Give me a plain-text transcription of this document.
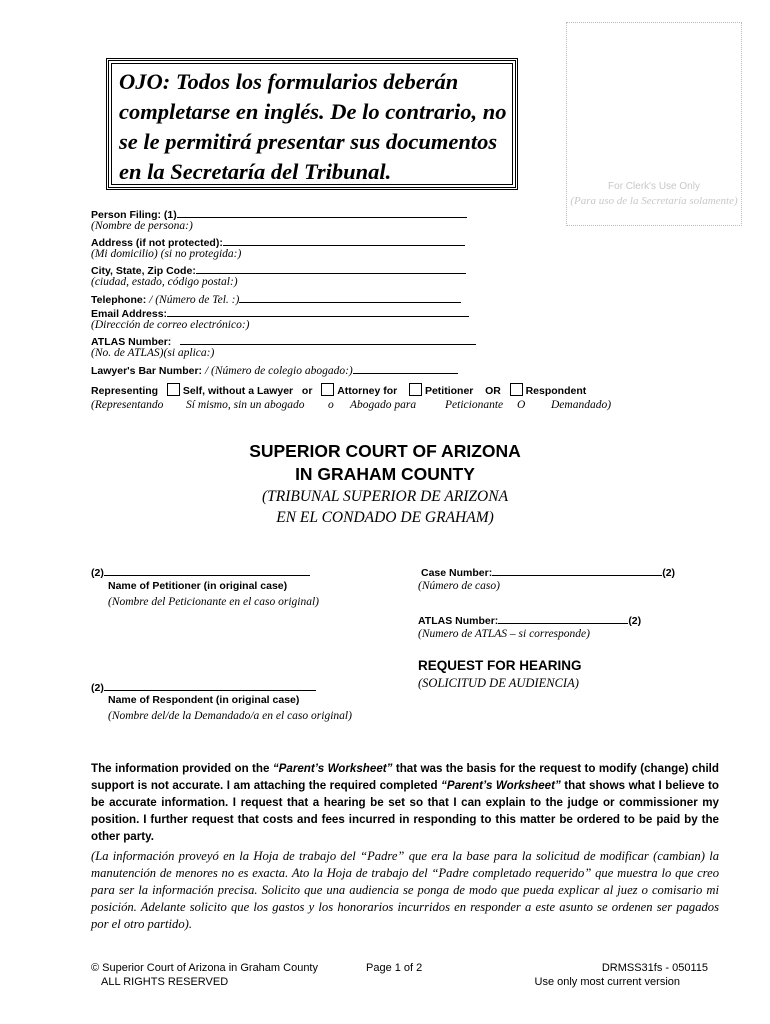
OJO: Todos los formularios deberán completarse en inglés. De lo contrario, no se le permitirá presentar sus documentos en la Secretaría del Tribunal.
For Clerk's Use Only
(Para uso de la Secretaría solamente)
Person Filing: (1)
(Nombre de persona:)
Address (if not protected):
(Mi domicilio) (si no protegida:)
City, State, Zip Code:
(ciudad, estado, código postal:)
Telephone: / (Número de Tel. :)
Email Address:
(Dirección de correo electrónico:)
ATLAS Number:
(No. de ATLAS)(si aplica:)
Lawyer's Bar Number: / (Número de colegio abogado:)
Representing Self, without a Lawyer or Attorney for	Petitioner OR Respondent
(Representando Sí mismo, sin un abogado o Abogado para	Peticionante O Demandado)
SUPERIOR COURT OF ARIZONA
IN GRAHAM COUNTY
(TRIBUNAL SUPERIOR DE ARIZONA
EN EL CONDADO DE GRAHAM)
(2)
Name of Petitioner (in original case)
(Nombre del Peticionante en el caso original)
(2)
Name of Respondent (in original case)
(Nombre del/de la Demandado/a en el caso original)
Case Number:	(2)
(Número de caso)
ATLAS Number:	(2)
(Numero de ATLAS – si corresponde)
REQUEST FOR HEARING
(SOLICITUD DE AUDIENCIA)
The information provided on the “Parent’s Worksheet” that was the basis for the request to modify (change) child support is not accurate. I am attaching the required completed “Parent’s Worksheet” that shows what I believe to be accurate information. I request that a hearing be set so that I can explain to the judge or commissioner my position. I further request that costs and fees incurred in responding to this matter be ordered to be paid by the other party.
(La información proveyó en la Hoja de trabajo del “Padre” que era la base para la solicitud de modificar (cambian) la manutención de menores no es exacta. Ato la Hoja de trabajo del “Padre completado requerido” que muestra lo que creo para ser la información precisa. Solicito que una audiencia se ponga de modo que pueda explicar al juez o comisario mi posición. Adelante solicito que los gastos y los honorarios incurridos en responder a este asunto se ordenen ser pagados por el otro partido).
© Superior Court of Arizona in Graham County
ALL RIGHTS RESERVED
Page 1 of 2	DRMSS31fs - 050115
Use only most current version
